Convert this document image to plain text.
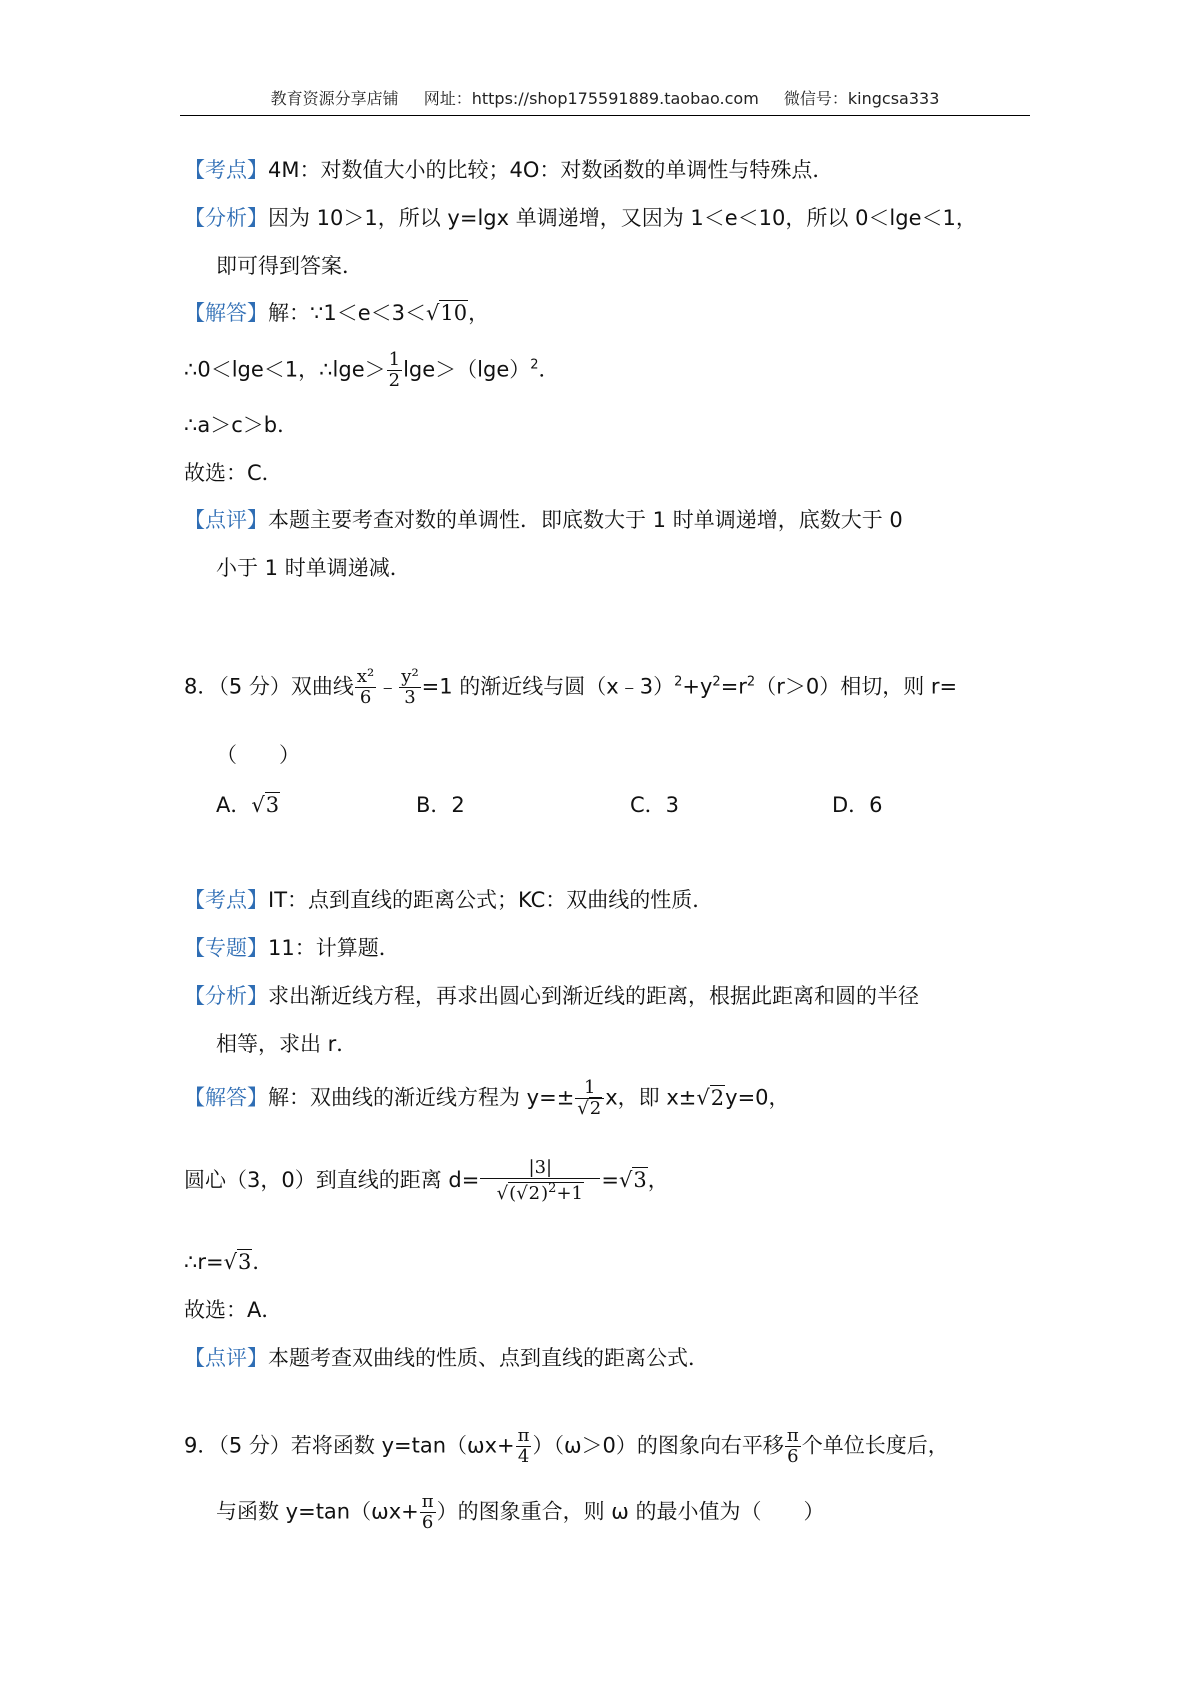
教育资源分享店铺 网址：https://shop175591889.taobao.com 微信号：kingcsa333
【考点】4M：对数值大小的比较；4O：对数函数的单调性与特殊点．
【分析】因为 10＞1，所以 y=lgx 单调递增，又因为 1＜e＜10，所以 0＜lge＜1，
即可得到答案．
【解答】解：∵1＜e＜3＜√10，
∴0＜lge＜1，∴lge＞ $\frac{1}{2} \lg e>(\lg e)^2$．
∴a＞c＞b．
故选：C．
【点评】本题主要考查对数的单调性．即底数大于 1 时单调递增，底数大于 0
小于 1 时单调递减．
8．（5 分）双曲线 $\frac{\text{x²}}{6}$ ﹣ $\frac{\text{y²}}{3} =1$ 的渐近线与圆$(x﹣3)^2+y^2=r^2(r>0)$相切，则 r=
（　　）
A．√3	B．2	C．3	D．6
【考点】IT：点到直线的距离公式；KC：双曲线的性质．
【专题】11：计算题．
【分析】求出渐近线方程，再求出圆心到渐近线的距离，根据此距离和圆的半径
相等，求出 r．
【解答】解：双曲线的渐近线方程为 $y=\pm \frac{1}{√2}$ x，即 x±√2y=0，
圆心（3，0）到直线的距离 $d= \frac{|3|}{√(√2)^2+1} =√3$，
∴r=√3．
故选：A．
【点评】本题考查双曲线的性质、点到直线的距离公式．
9．（5 分）若将函数 $y=\tan(\omega x+ \frac{\pi}{4} )(\omega>0)$的图象向右平移 $\frac{\pi}{6}$ 个单位长度后，
与函数 $y=\tan(\omega x+ \frac{\pi}{6}$ ）的图象重合，则 ω 的最小值为（　　）
